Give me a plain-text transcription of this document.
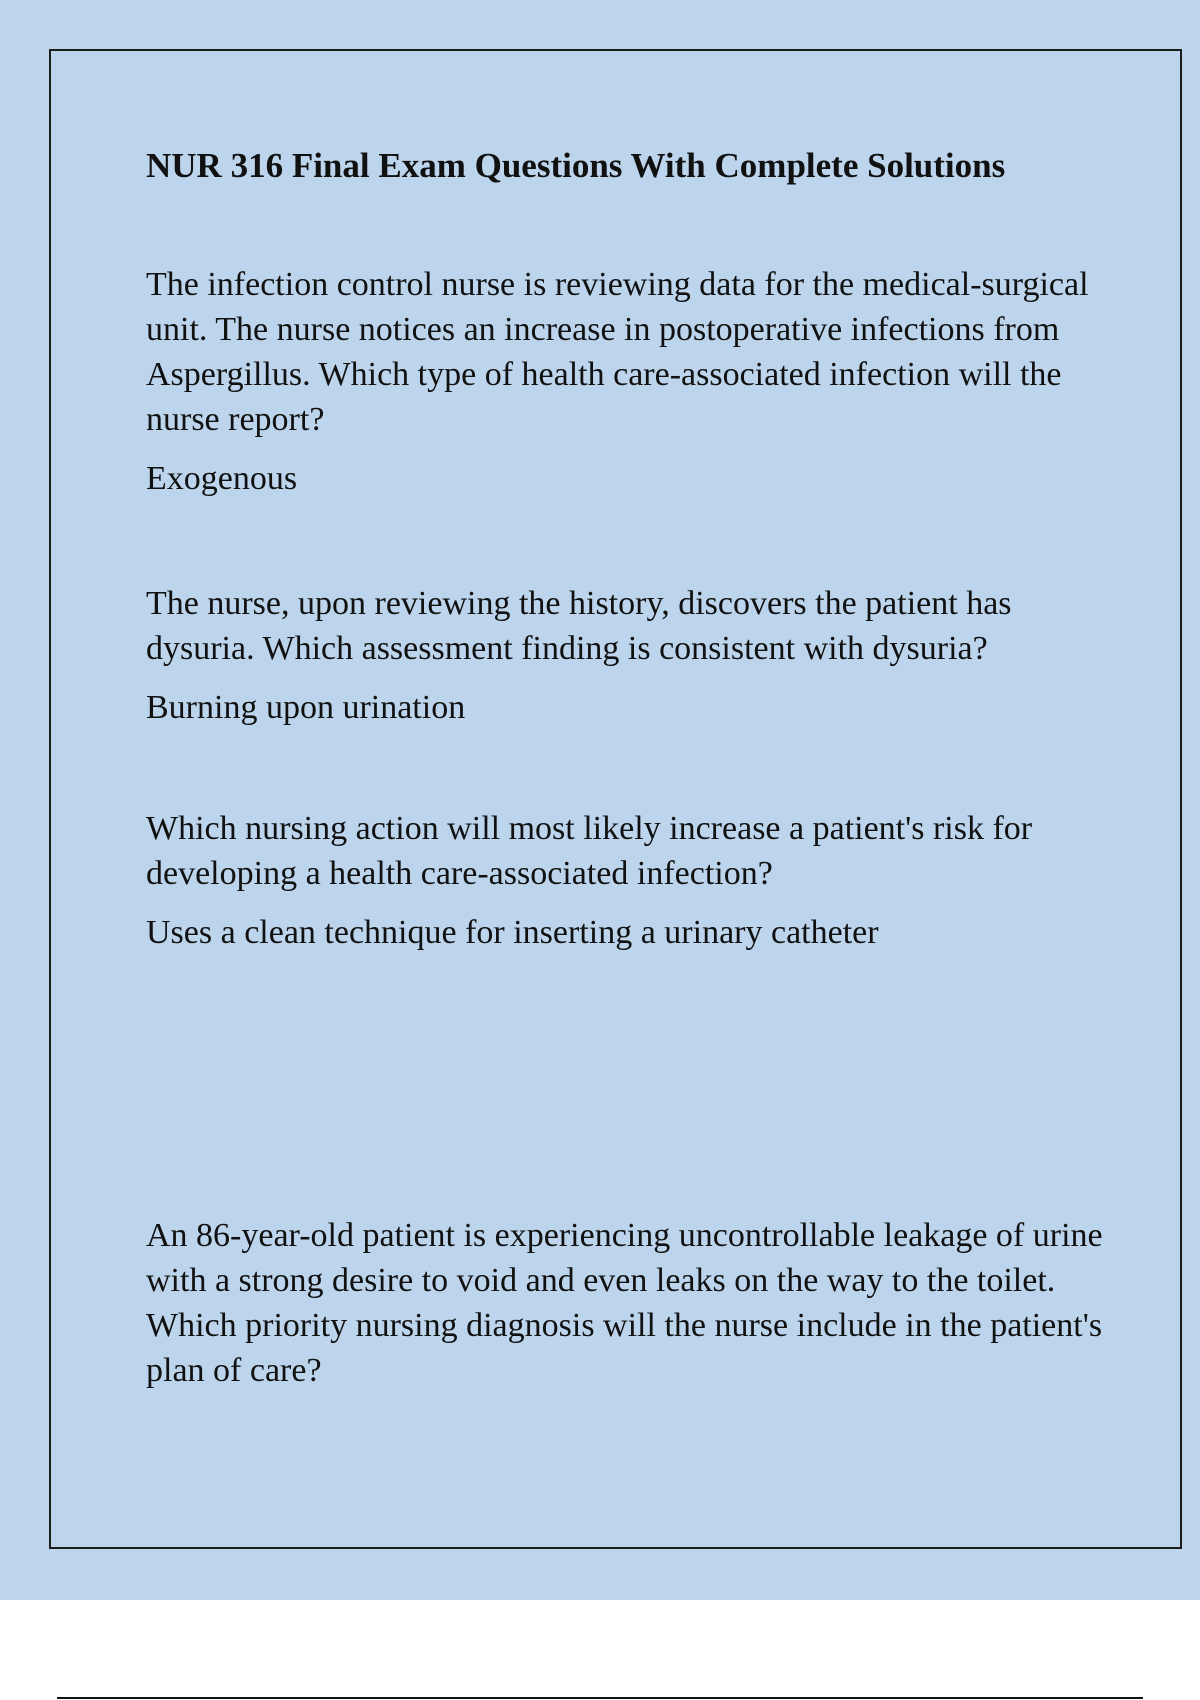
NUR 316 Final Exam Questions With Complete Solutions

The infection control nurse is reviewing data for the medical-surgical unit. The nurse notices an increase in postoperative infections from Aspergillus. Which type of health care-associated infection will the nurse report?

Exogenous

The nurse, upon reviewing the history, discovers the patient has dysuria. Which assessment finding is consistent with dysuria?

Burning upon urination

Which nursing action will most likely increase a patient's risk for developing a health care-associated infection?

Uses a clean technique for inserting a urinary catheter

An 86-year-old patient is experiencing uncontrollable leakage of urine with a strong desire to void and even leaks on the way to the toilet. Which priority nursing diagnosis will the nurse include in the patient's plan of care?
